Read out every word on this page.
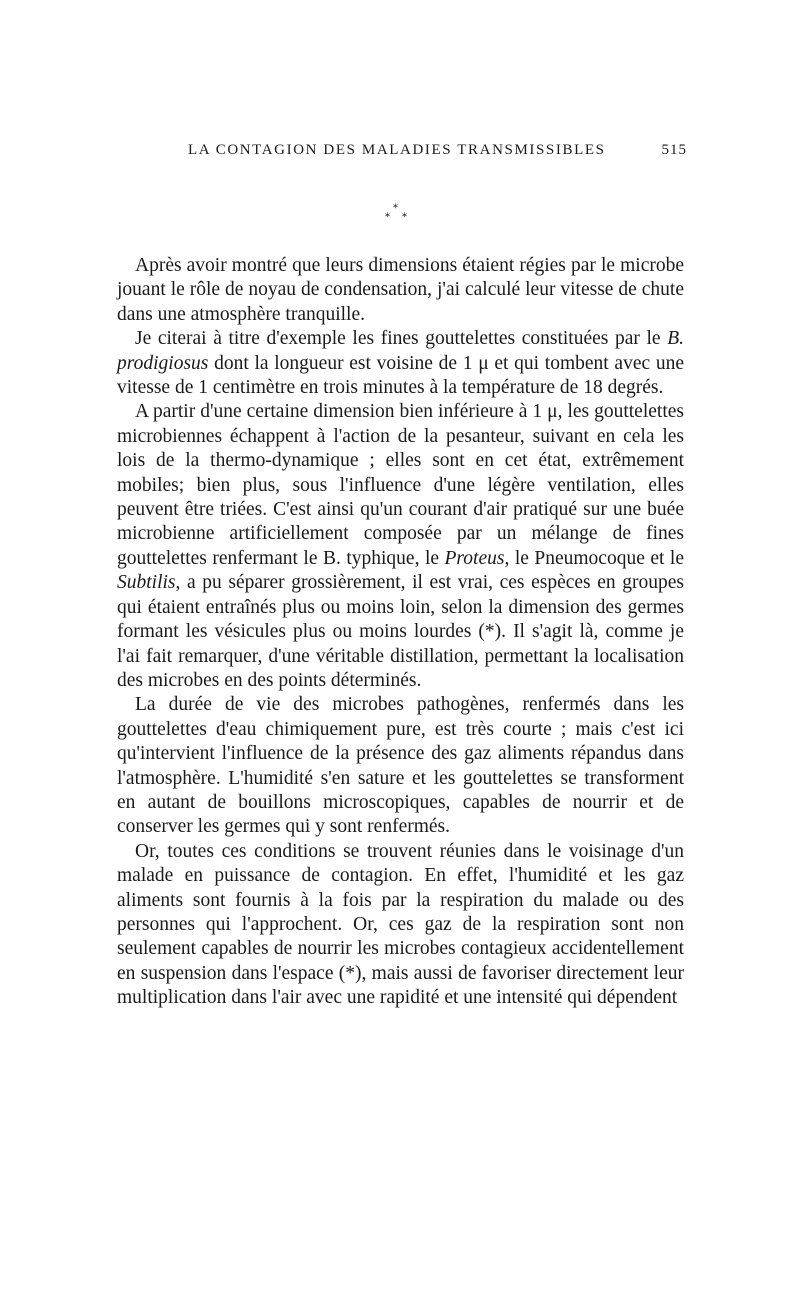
LA CONTAGION DES MALADIES TRANSMISSIBLES	515
*
* *

Après avoir montré que leurs dimensions étaient régies par le microbe jouant le rôle de noyau de condensation, j'ai calculé leur vitesse de chute dans une atmosphère tranquille.

Je citerai à titre d'exemple les fines gouttelettes constituées par le B. prodigiosus dont la longueur est voisine de 1 μ et qui tombent avec une vitesse de 1 centimètre en trois minutes à la température de 18 degrés.

A partir d'une certaine dimension bien inférieure à 1 μ, les gouttelettes microbiennes échappent à l'action de la pesanteur, suivant en cela les lois de la thermo-dynamique ; elles sont en cet état, extrêmement mobiles; bien plus, sous l'influence d'une légère ventilation, elles peuvent être triées. C'est ainsi qu'un courant d'air pratiqué sur une buée microbienne artificiellement composée par un mélange de fines gouttelettes renfermant le B. typhique, le Proteus, le Pneumocoque et le Subtilis, a pu séparer grossièrement, il est vrai, ces espèces en groupes qui étaient entraînés plus ou moins loin, selon la dimension des germes formant les vésicules plus ou moins lourdes (*). Il s'agit là, comme je l'ai fait remarquer, d'une véritable distillation, permettant la localisation des microbes en des points déterminés.

La durée de vie des microbes pathogènes, renfermés dans les gouttelettes d'eau chimiquement pure, est très courte ; mais c'est ici qu'intervient l'influence de la présence des gaz aliments répandus dans l'atmosphère. L'humidité s'en sature et les gouttelettes se transforment en autant de bouillons microscopiques, capables de nourrir et de conserver les germes qui y sont renfermés.

Or, toutes ces conditions se trouvent réunies dans le voisinage d'un malade en puissance de contagion. En effet, l'humidité et les gaz aliments sont fournis à la fois par la respiration du malade ou des personnes qui l'approchent. Or, ces gaz de la respiration sont non seulement capables de nourrir les microbes contagieux accidentellement en suspension dans l'espace (*), mais aussi de favoriser directement leur multiplication dans l'air avec une rapidité et une intensité qui dépendent
